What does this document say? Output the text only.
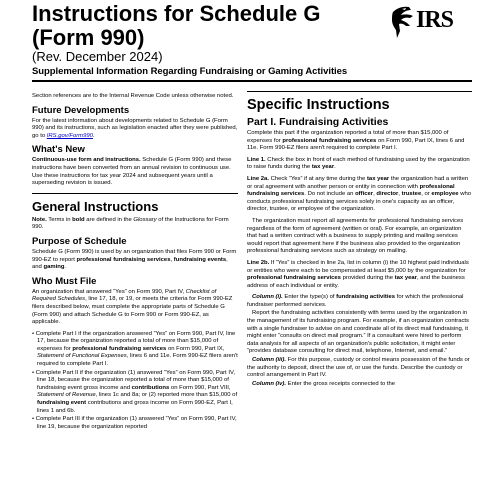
Instructions for Schedule G
(Form 990)
(Rev. December 2024)
Supplemental Information Regarding Fundraising or Gaming Activities
IRS

Section references are to the Internal Revenue Code unless otherwise noted.

Future Developments

For the latest information about developments related to Schedule G (Form 990) and its instructions, such as legislation enacted after they were published, go to IRS.gov/Form990.

What's New

Continuous-use form and instructions. Schedule G (Form 990) and these instructions have been converted from an annual revision to continuous use. Use these instructions for tax year 2024 and subsequent years until a superseding revision is issued.

General Instructions

Note. Terms in bold are defined in the Glossary of the Instructions for Form 990.

Purpose of Schedule

Schedule G (Form 990) is used by an organization that files Form 990 or Form 990-EZ to report professional fundraising services, fundraising events, and gaming.

Who Must File

An organization that answered “Yes” on Form 990, Part IV, Checklist of Required Schedules, line 17, 18, or 19, or meets the criteria for Form 990-EZ filers described below, must complete the appropriate parts of Schedule G (Form 990) and attach Schedule G to Form 990 or Form 990-EZ, as applicable.

• Complete Part I if the organization answered “Yes” on Form 990, Part IV, line 17, because the organization reported a total of more than $15,000 of expenses for professional fundraising services on Form 990, Part IX, Statement of Functional Expenses, lines 6 and 11e. Form 990-EZ filers aren't required to complete Part I.

• Complete Part II if the organization (1) answered “Yes” on Form 990, Part IV, line 18, because the organization reported a total of more than $15,000 of fundraising event gross income and contributions on Form 990, Part VIII, Statement of Revenue, lines 1c and 8a; or (2) reported more than $15,000 of fundraising event contributions and gross income on Form 990-EZ, Part I, lines 1 and 6b.

• Complete Part III if the organization (1) answered “Yes” on Form 990, Part IV, line 19, because the organization reported

Specific Instructions
Part I. Fundraising Activities

Complete this part if the organization reported a total of more than $15,000 of expenses for professional fundraising services on Form 990, Part IX, lines 6 and 11e. Form 990-EZ filers aren't required to complete Part I.

Line 1. Check the box in front of each method of fundraising used by the organization to raise funds during the tax year.

Line 2a. Check “Yes” if at any time during the tax year the organization had a written or oral agreement with another person or entity in connection with professional fundraising services. Do not include an officer, director, trustee, or employee who conducts professional fundraising services solely in one's capacity as an officer, director, trustee, or employee of the organization.

The organization must report all agreements for professional fundraising services regardless of the form of agreement (written or oral). For example, an organization that had a written contract with a business to supply printing and mailing services would report that agreement here if the business also provided to the organization professional fundraising services such as strategy on mailing.

Line 2b. If “Yes” is checked in line 2a, list in column (i) the 10 highest paid individuals or entities who were each to be compensated at least $5,000 by the organization for professional fundraising services provided during the tax year, and the business address of each individual or entity.

Column (i). Enter the type(s) of fundraising activities for which the professional fundraiser performed services.

Report the fundraising activities consistently with terms used by the organization in the management of its fundraising program. For example, if an organization contracts with a single fundraiser to advise on and coordinate all of its direct mail fundraising, it might enter “consults on direct mail program.” If a consultant were hired to perform data analysis for all aspects of an organization's public solicitation, it might enter “provides database consulting for direct mail, telephone, Internet, and email.”

Column (iii). For this purpose, custody or control means possession of the funds or the authority to deposit, direct the use of, or use the funds. Describe the custody or control arrangement in Part IV.

Column (iv). Enter the gross receipts connected to the
